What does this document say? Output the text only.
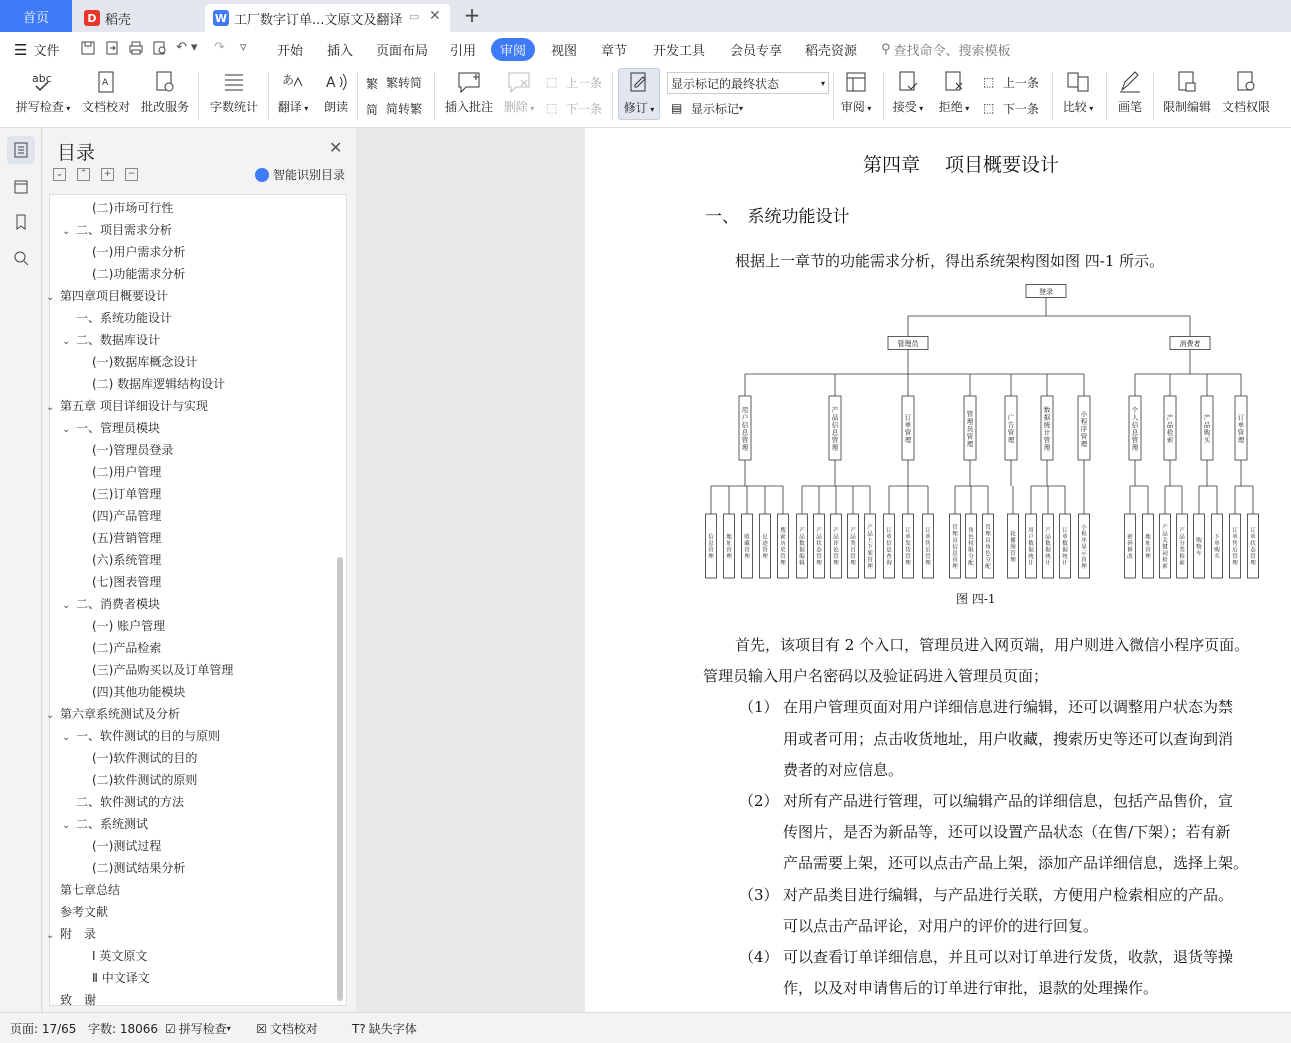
首页	D 稻壳	W 工厂数字订单...文原文及翻译 ▭ ✕ +
☰ 文件	↶ ▾ ↷ ▿ 开始 插入 页面布局 引用	审阅	视图 章节 开发工具 会员专享 稻壳资源 ⚲ 查找命令、搜索模板
abc
拼写检查 ▾
A
文档校对 批改服务	字数统计
あ
翻译 ▾
A
朗读
繁 繁转简
简 简转繁 插入批注 删除 ▾
⬚ 上一条
⬚ 下一条	修订 ▾
显示标记的最终状态	▾
▤ 显示标记 ▾	审阅 ▾ 接受 ▾ 拒绝 ▾
⬚ 上一条
⬚ 下一条 比较 ▾	画笔	限制编辑 文档权限
目录	✕
⌄	⌃	+	−	智能识别目录
(二)市场可行性
⌄ 二、项目需求分析
(一)用户需求分析
(二)功能需求分析
⌄ 第四章项目概要设计
一、系统功能设计
⌄ 二、数据库设计
(一)数据库概念设计
(二) 数据库逻辑结构设计
⌄ 第五章 项目详细设计与实现
⌄ 一、管理员模块
(一)管理员登录
(二)用户管理
(三)订单管理
(四)产品管理
(五)营销管理
(六)系统管理
(七)图表管理
⌄ 二、消费者模块
(一) 账户管理
(二)产品检索
(三)产品购买以及订单管理
(四)其他功能模块
⌄ 第六章系统测试及分析
⌄ 一、软件测试的目的与原则
(一)软件测试的目的
(二)软件测试的原则
二、软件测试的方法
⌄ 二、系统测试
(一)测试过程
(二)测试结果分析
第七章总结
参考文献
⌄ 附　录
Ⅰ 英文原文
Ⅱ 中文译文
致　谢
第四章　 项目概要设计
一、　系统功能设计
根据上一章节的功能需求分析，得出系统架构图如图 四-1 所示。
登录
管理员
用户信息管理
信息管理
地址管理
收藏管理
足迹管理
搜索历史管理
产品信息管理
产品数据编辑
产品状态管理
产品评论管理
产品类目管理
产品上下架管理
订单管理
订单信息查询
订单发货管理
订单售后管理
管理员管理
管理员信息管理
角色权限分配
管理员角色分配
广告管理
轮播图管理
数据统计管理
用户数据统计
产品数据统计
订单数据统计
小程序管理
小程序显示管理
消费者
个人信息管理
密码修改
地址管理
产品检索
产品关键词检索
产品分类检索
产品购买
购物车
下单购买
订单管理
订单售后管理
订单状态管理
图 四-1
首先，该项目有 2 个入口，管理员进入网页端，用户则进入微信小程序页面。
管理员输入用户名密码以及验证码进入管理员页面；
（1） 在用户管理页面对用户详细信息进行编辑，还可以调整用户状态为禁
用或者可用；点击收货地址，用户收藏，搜索历史等还可以查询到消
费者的对应信息。
（2） 对所有产品进行管理，可以编辑产品的详细信息，包括产品售价，宣
传图片，是否为新品等，还可以设置产品状态（在售/下架）；若有新
产品需要上架，还可以点击产品上架，添加产品详细信息，选择上架。
（3） 对产品类目进行编辑，与产品进行关联，方便用户检索相应的产品。
可以点击产品评论，对用户的评价的进行回复。
（4） 可以查看订单详细信息，并且可以对订单进行发货，收款，退货等操
作，以及对申请售后的订单进行审批，退款的处理操作。
页面: 17/65 字数: 18066 ☑ 拼写检查 ▾ ☒ 文档校对	T? 缺失字体
